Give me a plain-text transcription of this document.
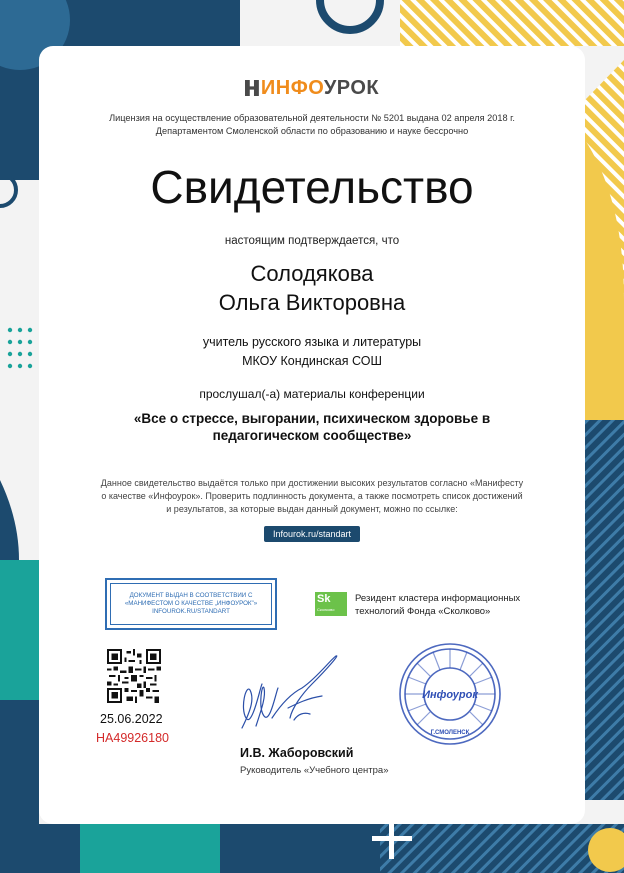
ИНФОУРОК
Лицензия на осуществление образовательной деятельности № 5201 выдана 02 апреля 2018 г. Департаментом Смоленской области по образованию и науке бессрочно
Свидетельство
настоящим подтверждается, что
Солодякова
Ольга Викторовна
учитель русского языка и литературы
МКОУ Кондинская СОШ
прослушал(-а) материалы конференции
«Все о стрессе, выгорании, психическом здоровье в
педагогическом сообществе»
Данное свидетельство выдаётся только при достижении высоких результатов согласно «Манифесту о качестве «Инфоурок». Проверить подлинность документа, а также посмотреть список достижений и результатов, за которые выдан данный документ, можно по ссылке:
Infourok.ru/standart
ДОКУМЕНТ ВЫДАН В СООТВЕТСТВИИ С
«МАНИФЕСТОМ О КАЧЕСТВЕ „ИНФОУРОК"»
INFOUROK.RU/STANDART
Sk
Сколково
Резидент кластера информационных технологий Фонда «Сколково»
25.06.2022
НА49926180
И.В. Жаборовский
Руководитель «Учебного центра»
Инфоурок
Г.СМОЛЕНСК
